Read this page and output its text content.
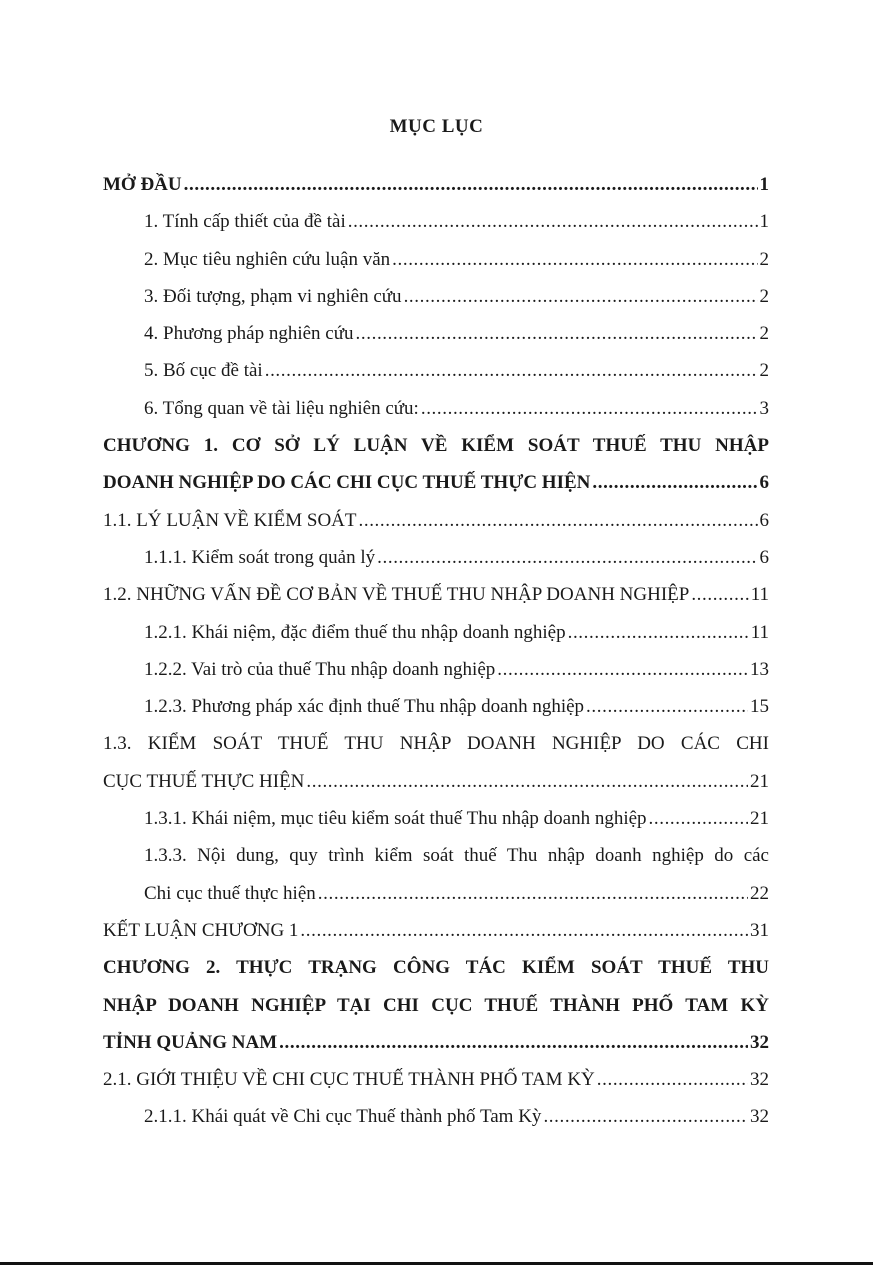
MỤC LỤC
MỞ ĐẦU .....	1
1. Tính cấp thiết của đề tài .....	1
2. Mục tiêu nghiên cứu luận văn .....	2
3. Đối tượng, phạm vi nghiên cứu .....	2
4. Phương pháp nghiên cứu .....	2
5. Bố cục đề tài .....	2
6. Tổng quan về tài liệu nghiên cứu: .....	3
CHƯƠNG 1. CƠ SỞ LÝ LUẬN VỀ KIỂM SOÁT THUẾ THU NHẬP
DOANH NGHIỆP DO CÁC CHI CỤC THUẾ THỰC HIỆN .....	6
1.1. LÝ LUẬN VỀ KIỂM SOÁT .....	6
1.1.1. Kiểm soát trong quản lý .....	6
1.2. NHỮNG VẤN ĐỀ CƠ BẢN VỀ THUẾ THU NHẬP DOANH NGHIỆP .....	11
1.2.1. Khái niệm, đặc điểm thuế thu nhập doanh nghiệp .....	11
1.2.2. Vai trò của thuế Thu nhập doanh nghiệp .....	13
1.2.3. Phương pháp xác định thuế Thu nhập doanh nghiệp .....	15
1.3. KIỂM SOÁT THUẾ THU NHẬP DOANH NGHIỆP DO CÁC CHI
CỤC THUẾ THỰC HIỆN .....	21
1.3.1. Khái niệm, mục tiêu kiểm soát thuế Thu nhập doanh nghiệp .....	21
1.3.3. Nội dung, quy trình kiểm soát thuế Thu nhập doanh nghiệp do các
Chi cục thuế thực hiện .....	22
KẾT LUẬN CHƯƠNG 1 .....	31
CHƯƠNG 2. THỰC TRẠNG CÔNG TÁC KIỂM SOÁT THUẾ THU
NHẬP DOANH NGHIỆP TẠI CHI CỤC THUẾ THÀNH PHỐ TAM KỲ
TỈNH QUẢNG NAM .....	32
2.1. GIỚI THIỆU VỀ CHI CỤC THUẾ THÀNH PHỐ TAM KỲ .....	32
2.1.1. Khái quát về Chi cục Thuế thành phố Tam Kỳ .....	32
